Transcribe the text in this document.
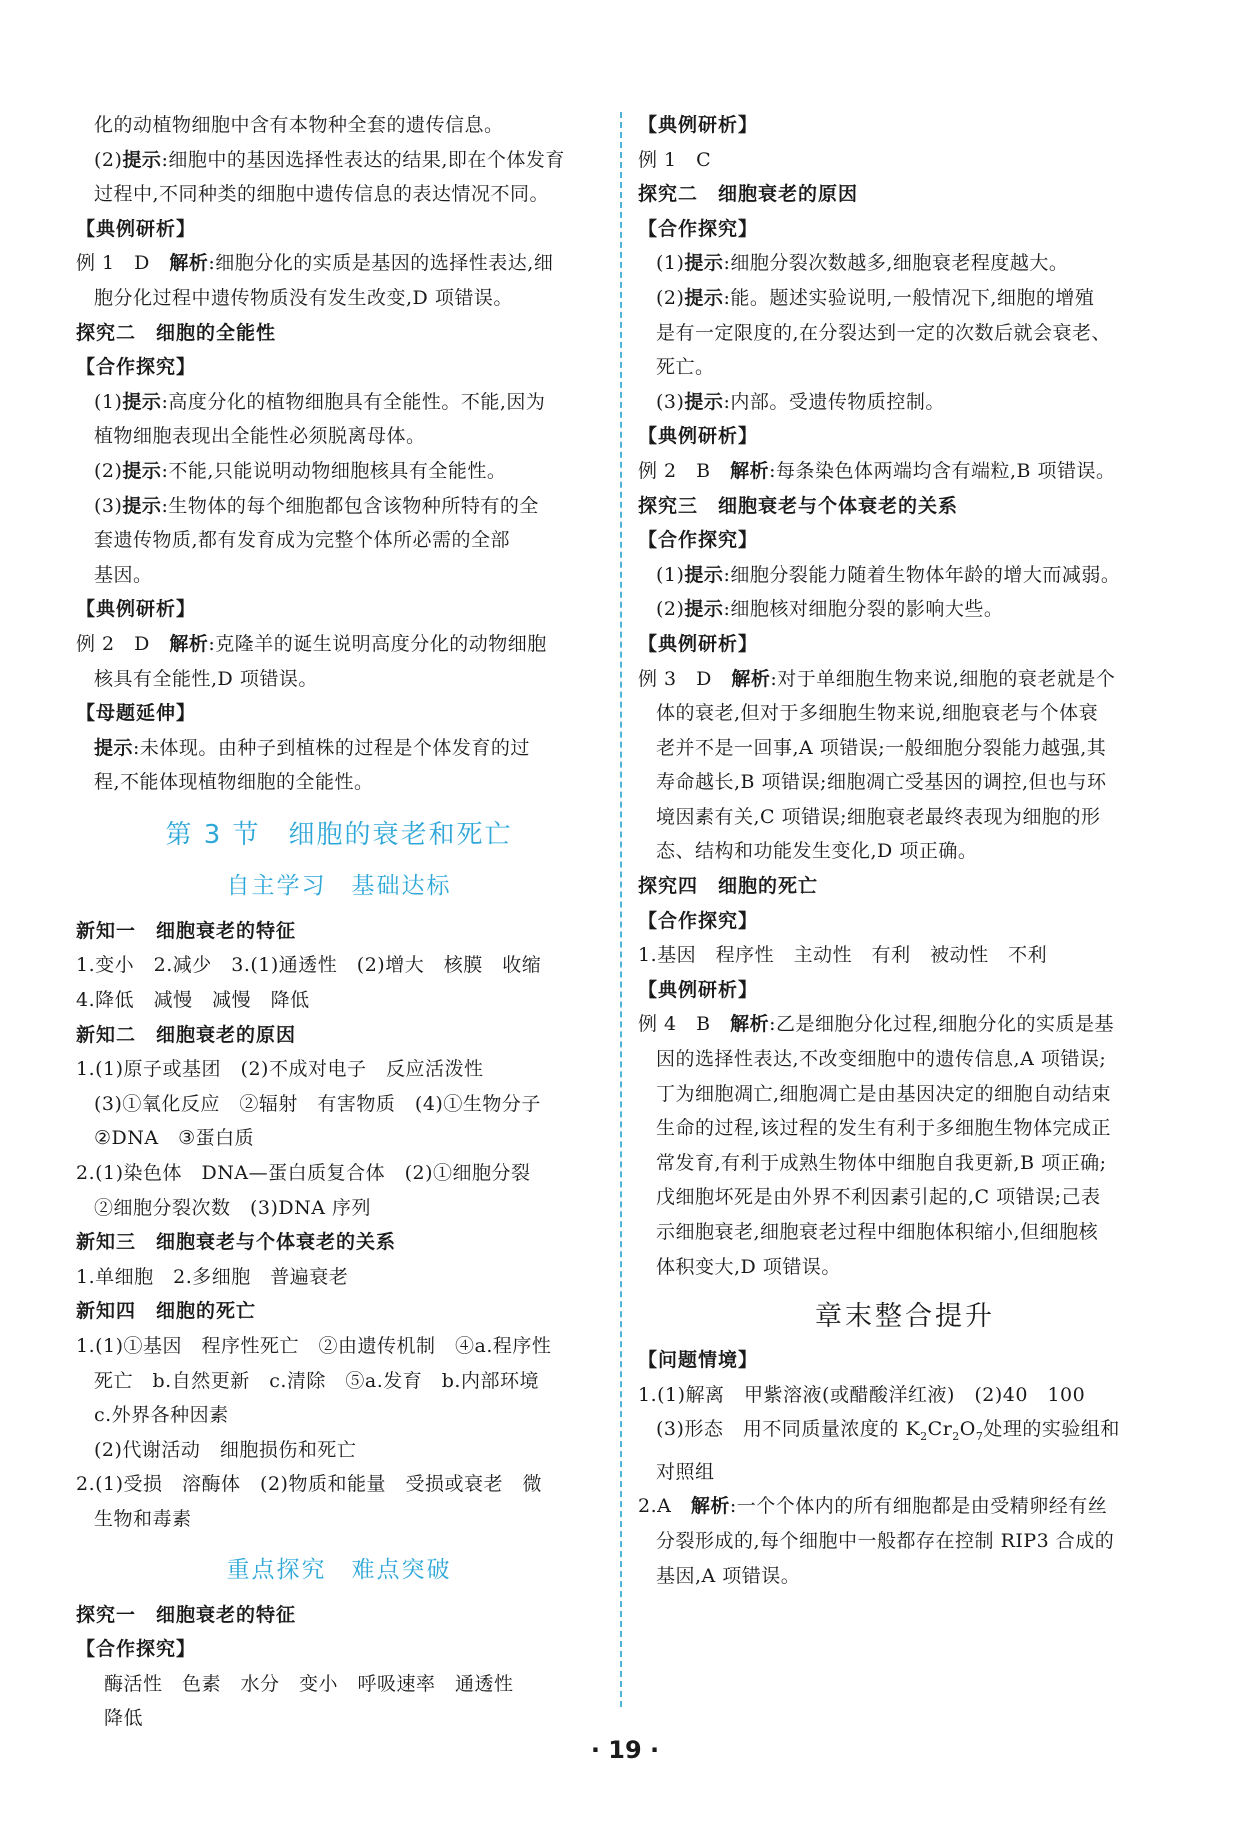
化的动植物细胞中含有本物种全套的遗传信息。

(2)提示:细胞中的基因选择性表达的结果,即在个体发育

过程中,不同种类的细胞中遗传信息的表达情况不同。

【典例研析】

例 1　D　解析:细胞分化的实质是基因的选择性表达,细

胞分化过程中遗传物质没有发生改变,D 项错误。

探究二　细胞的全能性

【合作探究】

(1)提示:高度分化的植物细胞具有全能性。不能,因为

植物细胞表现出全能性必须脱离母体。

(2)提示:不能,只能说明动物细胞核具有全能性。

(3)提示:生物体的每个细胞都包含该物种所特有的全

套遗传物质,都有发育成为完整个体所必需的全部

基因。

【典例研析】

例 2　D　解析:克隆羊的诞生说明高度分化的动物细胞

核具有全能性,D 项错误。

【母题延伸】

提示:未体现。由种子到植株的过程是个体发育的过

程,不能体现植物细胞的全能性。

第 3 节　细胞的衰老和死亡
自主学习　基础达标

新知一　细胞衰老的特征

1.变小　2.减少　3.(1)通透性　(2)增大　核膜　收缩

4.降低　减慢　减慢　降低

新知二　细胞衰老的原因

1.(1)原子或基团　(2)不成对电子　反应活泼性

(3)①氧化反应　②辐射　有害物质　(4)①生物分子

②DNA　③蛋白质

2.(1)染色体　DNA—蛋白质复合体　(2)①细胞分裂

②细胞分裂次数　(3)DNA 序列

新知三　细胞衰老与个体衰老的关系

1.单细胞　2.多细胞　普遍衰老

新知四　细胞的死亡

1.(1)①基因　程序性死亡　②由遗传机制　④a.程序性

死亡　b.自然更新　c.清除　⑤a.发育　b.内部环境

c.外界各种因素

(2)代谢活动　细胞损伤和死亡

2.(1)受损　溶酶体　(2)物质和能量　受损或衰老　微

生物和毒素

重点探究　难点突破

探究一　细胞衰老的特征

【合作探究】

酶活性　色素　水分　变小　呼吸速率　通透性

降低

【典例研析】

例 1　C

探究二　细胞衰老的原因

【合作探究】

(1)提示:细胞分裂次数越多,细胞衰老程度越大。

(2)提示:能。题述实验说明,一般情况下,细胞的增殖

是有一定限度的,在分裂达到一定的次数后就会衰老、

死亡。

(3)提示:内部。受遗传物质控制。

【典例研析】

例 2　B　解析:每条染色体两端均含有端粒,B 项错误。

探究三　细胞衰老与个体衰老的关系

【合作探究】

(1)提示:细胞分裂能力随着生物体年龄的增大而减弱。

(2)提示:细胞核对细胞分裂的影响大些。

【典例研析】

例 3　D　解析:对于单细胞生物来说,细胞的衰老就是个

体的衰老,但对于多细胞生物来说,细胞衰老与个体衰

老并不是一回事,A 项错误;一般细胞分裂能力越强,其

寿命越长,B 项错误;细胞凋亡受基因的调控,但也与环

境因素有关,C 项错误;细胞衰老最终表现为细胞的形

态、结构和功能发生变化,D 项正确。

探究四　细胞的死亡

【合作探究】

1.基因　程序性　主动性　有利　被动性　不利

【典例研析】

例 4　B　解析:乙是细胞分化过程,细胞分化的实质是基

因的选择性表达,不改变细胞中的遗传信息,A 项错误;

丁为细胞凋亡,细胞凋亡是由基因决定的细胞自动结束

生命的过程,该过程的发生有利于多细胞生物体完成正

常发育,有利于成熟生物体中细胞自我更新,B 项正确;

戊细胞坏死是由外界不利因素引起的,C 项错误;己表

示细胞衰老,细胞衰老过程中细胞体积缩小,但细胞核

体积变大,D 项错误。

章末整合提升

【问题情境】

1.(1)解离　甲紫溶液(或醋酸洋红液)　(2)40　100

(3)形态　用不同质量浓度的 $K_2Cr_2O_7$处理的实验组和

对照组

2.A　解析:一个个体内的所有细胞都是由受精卵经有丝

分裂形成的,每个细胞中一般都存在控制 RIP3 合成的

基因,A 项错误。

· 19 ·
